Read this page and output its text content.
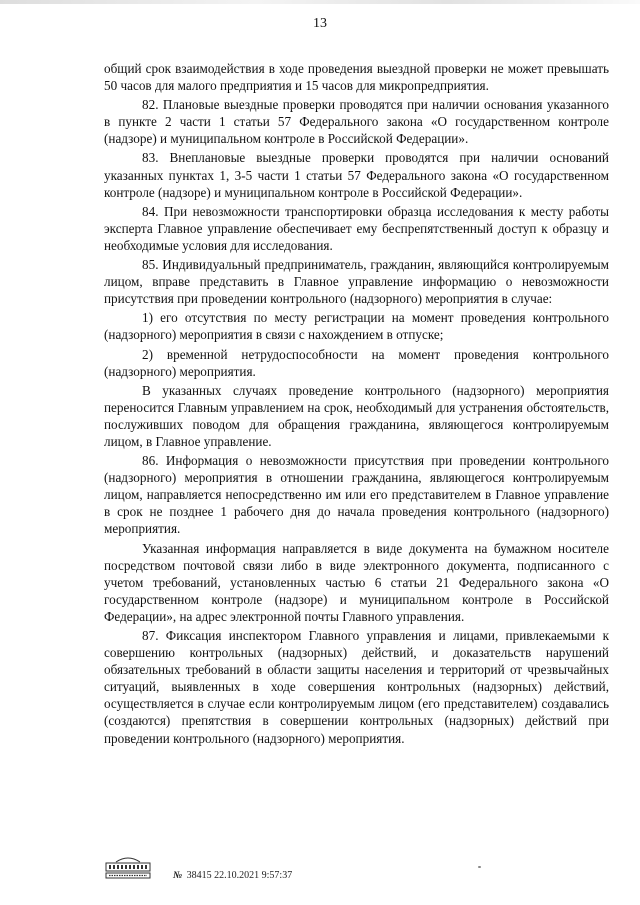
13

общий срок взаимодействия в ходе проведения выездной проверки не может превышать 50 часов для малого предприятия и 15 часов для микропредприятия.

82. Плановые выездные проверки проводятся при наличии основания указанного в пункте 2 части 1 статьи 57 Федерального закона «О государственном контроле (надзоре) и муниципальном контроле в Российской Федерации».

83. Внеплановые выездные проверки проводятся при наличии оснований указанных пунктах 1, 3-5 части 1 статьи 57 Федерального закона «О государственном контроле (надзоре) и муниципальном контроле в Российской Федерации».

84. При невозможности транспортировки образца исследования к месту работы эксперта Главное управление обеспечивает ему беспрепятственный доступ к образцу и необходимые условия для исследования.

85. Индивидуальный предприниматель, гражданин, являющийся контролируемым лицом, вправе представить в Главное управление информацию о невозможности присутствия при проведении контрольного (надзорного) мероприятия в случае:

1) его отсутствия по месту регистрации на момент проведения контрольного (надзорного) мероприятия в связи с нахождением в отпуске;

2) временной нетрудоспособности на момент проведения контрольного (надзорного) мероприятия.

В указанных случаях проведение контрольного (надзорного) мероприятия переносится Главным управлением на срок, необходимый для устранения обстоятельств, послуживших поводом для обращения гражданина, являющегося контролируемым лицом, в Главное управление.

86. Информация о невозможности присутствия при проведении контрольного (надзорного) мероприятия в отношении гражданина, являющегося контролируемым лицом, направляется непосредственно им или его представителем в Главное управление в срок не позднее 1 рабочего дня до начала проведения контрольного (надзорного) мероприятия.

Указанная информация направляется в виде документа на бумажном носителе посредством почтовой связи либо в виде электронного документа, подписанного с учетом требований, установленных частью 6 статьи 21 Федерального закона «О государственном контроле (надзоре) и муниципальном контроле в Российской Федерации», на адрес электронной почты Главного управления.

87. Фиксация инспектором Главного управления и лицами, привлекаемыми к совершению контрольных (надзорных) действий, и доказательств нарушений обязательных требований в области защиты населения и территорий от чрезвычайных ситуаций, выявленных в ходе совершения контрольных (надзорных) действий, осуществляется в случае если контролируемым лицом (его представителем) создавались (создаются) препятствия в совершении контрольных (надзорных) действий при проведении контрольного (надзорного) мероприятия.

№ 38415 22.10.2021 9:57:37
